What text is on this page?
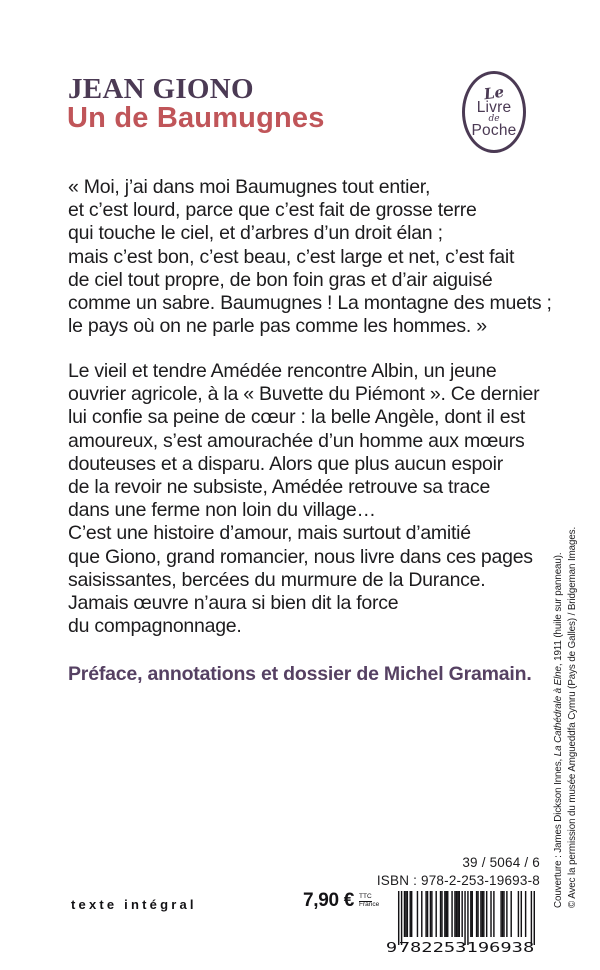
JEAN GIONO
Un de Baumugnes
Le
Livre
de
Poche
« Moi, j’ai dans moi Baumugnes tout entier,
et c’est lourd, parce que c’est fait de grosse terre
qui touche le ciel, et d’arbres d’un droit élan ;
mais c’est bon, c’est beau, c’est large et net, c’est fait
de ciel tout propre, de bon foin gras et d’air aiguisé
comme un sabre. Baumugnes ! La montagne des muets ;
le pays où on ne parle pas comme les hommes. »
Le vieil et tendre Amédée rencontre Albin, un jeune
ouvrier agricole, à la « Buvette du Piémont ». Ce dernier
lui confie sa peine de cœur : la belle Angèle, dont il est
amoureux, s’est amourachée d’un homme aux mœurs
douteuses et a disparu. Alors que plus aucun espoir
de la revoir ne subsiste, Amédée retrouve sa trace
dans une ferme non loin du village…
C’est une histoire d’amour, mais surtout d’amitié
que Giono, grand romancier, nous livre dans ces pages
saisissantes, bercées du murmure de la Durance.
Jamais œuvre n’aura si bien dit la force
du compagnonnage.
Préface, annotations et dossier de Michel Gramain.
texte intégral	7,90 € TTC
France
39 / 5064 / 6
ISBN : 978-2-253-19693-8
9 782253 196938
Couverture : James Dickson Innes, La Cathédrale à Elne, 1911 (huile sur panneau). © Avec la permission du musée Amgueddfa Cymru (Pays de Galles) / Bridgeman Images.
